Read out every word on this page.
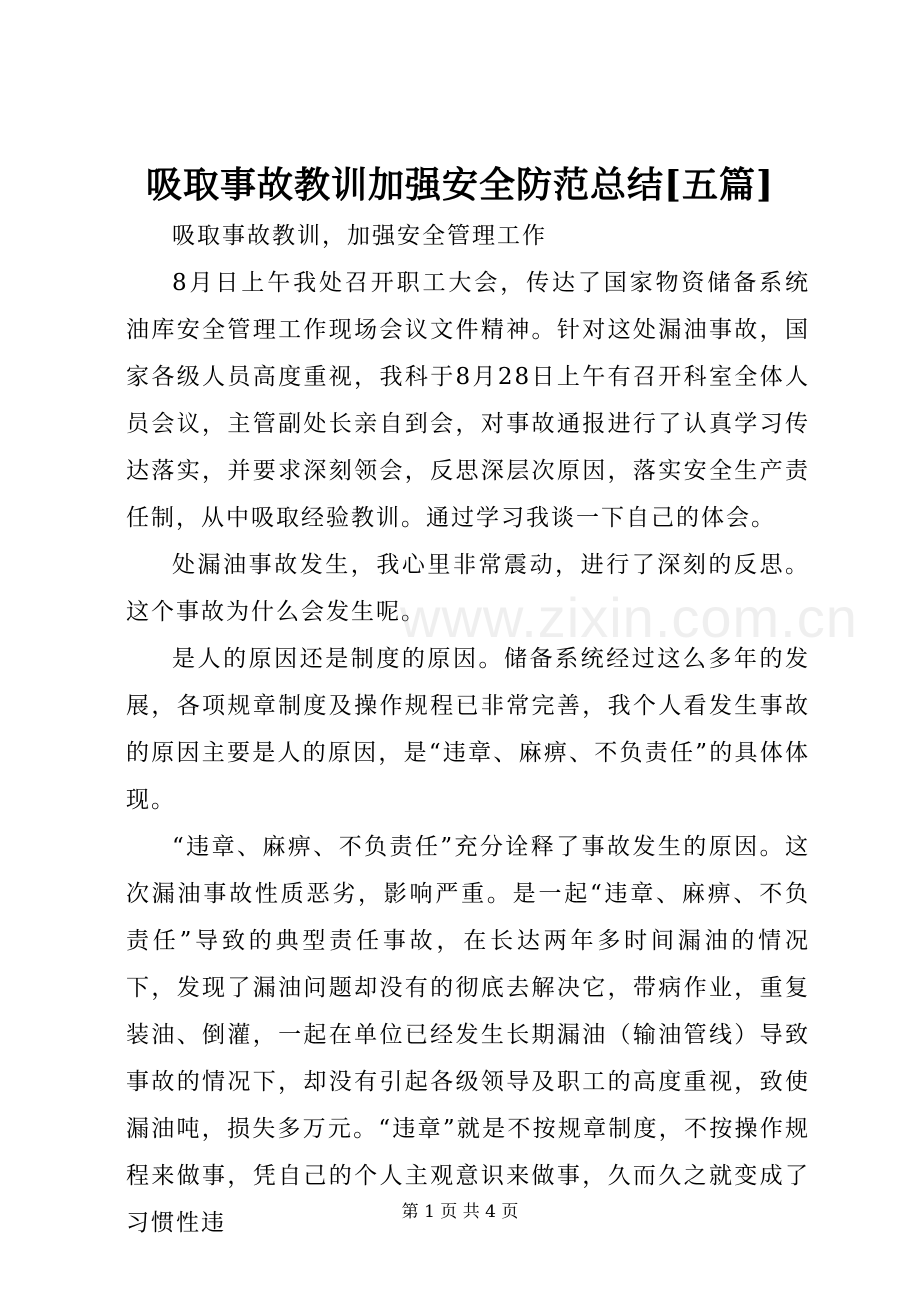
吸取事故教训加强安全防范总结[五篇]

吸取事故教训，加强安全管理工作

8月日上午我处召开职工大会，传达了国家物资储备系统油库安全管理工作现场会议文件精神。针对这处漏油事故，国家各级人员高度重视，我科于8月28日上午有召开科室全体人员会议，主管副处长亲自到会，对事故通报进行了认真学习传达落实，并要求深刻领会，反思深层次原因，落实安全生产责任制，从中吸取经验教训。通过学习我谈一下自己的体会。

处漏油事故发生，我心里非常震动，进行了深刻的反思。这个事故为什么会发生呢。

是人的原因还是制度的原因。储备系统经过这么多年的发展，各项规章制度及操作规程已非常完善，我个人看发生事故的原因主要是人的原因，是“违章、麻痹、不负责任”的具体体现。

“违章、麻痹、不负责任”充分诠释了事故发生的原因。这次漏油事故性质恶劣，影响严重。是一起“违章、麻痹、不负责任”导致的典型责任事故，在长达两年多时间漏油的情况下，发现了漏油问题却没有的彻底去解决它，带病作业，重复装油、倒灌，一起在单位已经发生长期漏油（输油管线）导致事故的情况下，却没有引起各级领导及职工的高度重视，致使漏油吨，损失多万元。“违章”就是不按规章制度，不按操作规程来做事，凭自己的个人主观意识来做事，久而久之就变成了习惯性违

www.zixin.com.cn
第 1 页 共 4 页
